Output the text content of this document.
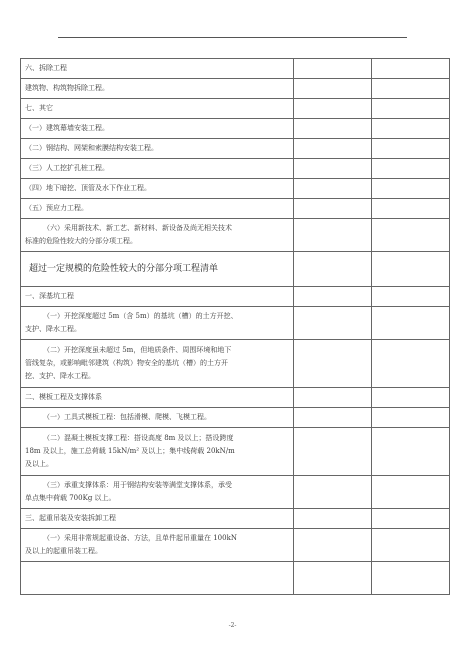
六、拆除工程		
建筑物、构筑物拆除工程。		
七、其它		
（一）建筑幕墙安装工程。		
（二）钢结构、网架和索膜结构安装工程。		
（三）人工挖扩孔桩工程。		
（四）地下暗挖、顶管及水下作业工程。		
（五）预应力工程。		

（六）采用新技术、新工艺、新材料、新设备及尚无相关技术
标准的危险性较大的分部分项工程。		

超过一定规模的危险性较大的分部分项工程清单		
一、深基坑工程		

（一）开挖深度超过 5m（含 5m）的基坑（槽）的土方开挖、
支护、降水工程。		

（二）开挖深度虽未超过 5m，但地质条件、周围环境和地下
管线复杂，或影响毗邻建筑（构筑）物安全的基坑（槽）的土方开
挖、支护、降水工程。		

二、模板工程及支撑体系		
（一）工具式模板工程：包括滑模、爬模、飞模工程。		

（二）混凝土模板支撑工程：搭设高度 8m 及以上；搭设跨度
18m 及以上，施工总荷载 15kN/m² 及以上；集中线荷载 20kN/m
及以上。		

（三）承重支撑体系：用于钢结构安装等满堂支撑体系，承受
单点集中荷载 700Kg 以上。		

三、起重吊装及安装拆卸工程		

（一）采用非常规起重设备、方法，且单件起吊重量在 100kN
及以上的起重吊装工程。		

-2-
